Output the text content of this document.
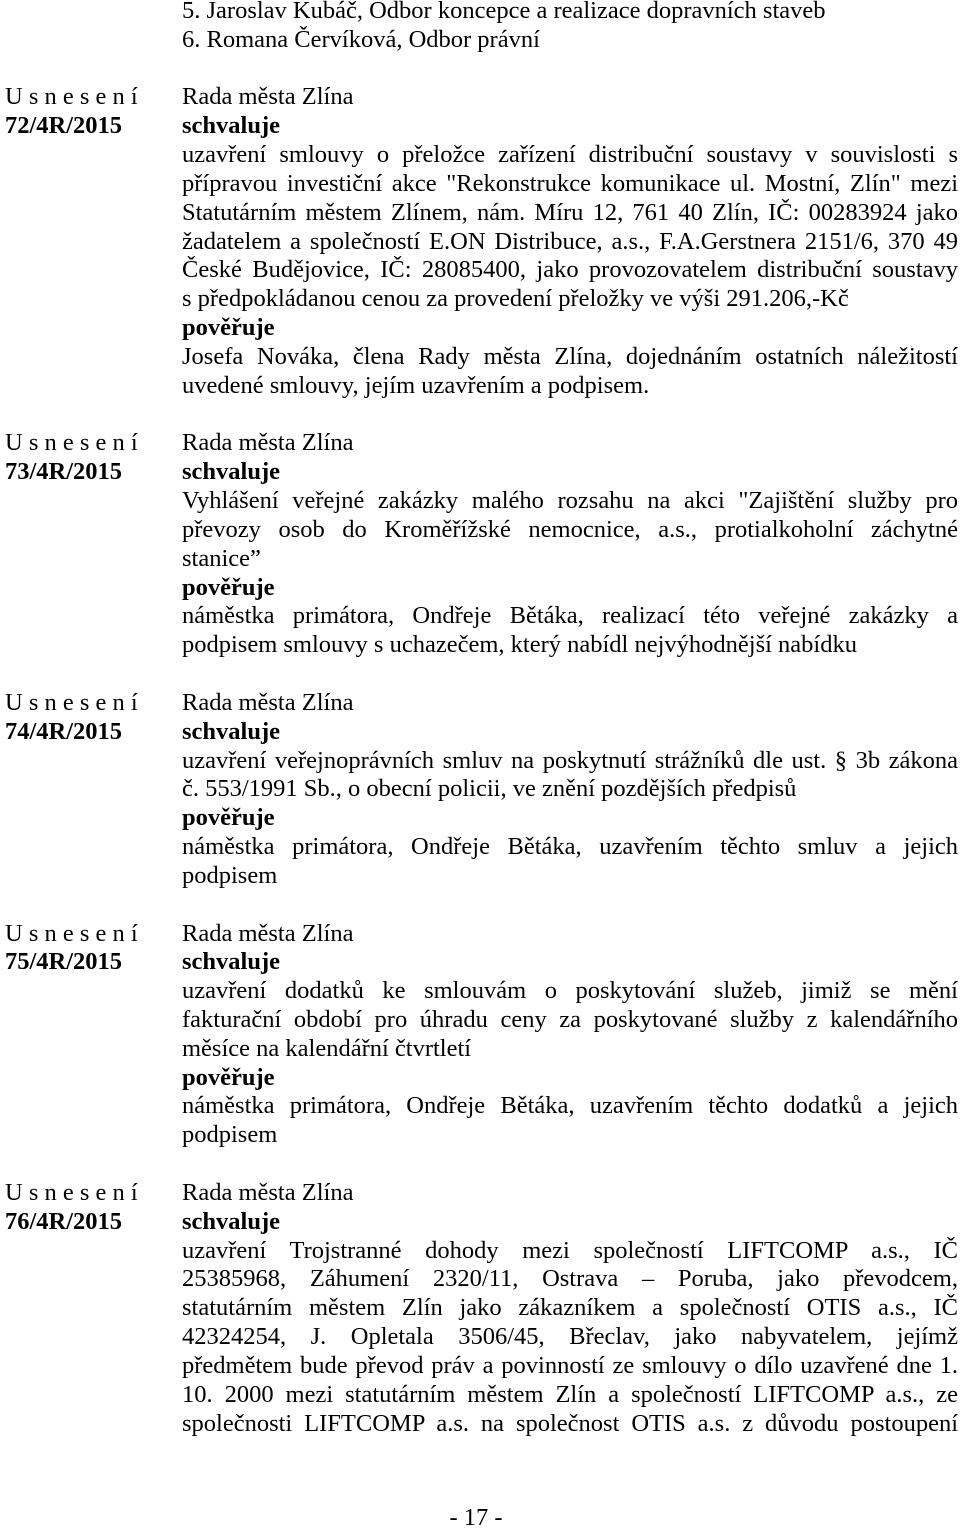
5. Jaroslav Kubáč, Odbor koncepce a realizace dopravních staveb
6. Romana Červíková, Odbor právní
U s n e s e n í
72/4R/2015
Rada města Zlína
schvaluje
uzavření smlouvy o přeložce zařízení distribuční soustavy v souvislosti s
přípravou investiční akce "Rekonstrukce komunikace ul. Mostní, Zlín" mezi
Statutárním městem Zlínem, nám. Míru 12, 761 40 Zlín, IČ: 00283924 jako
žadatelem a společností E.ON Distribuce, a.s., F.A.Gerstnera 2151/6, 370 49
České Budějovice, IČ: 28085400, jako provozovatelem distribuční soustavy
s předpokládanou cenou za provedení přeložky ve výši 291.206,-Kč
pověřuje
Josefa Nováka, člena Rady města Zlína, dojednáním ostatních náležitostí
uvedené smlouvy, jejím uzavřením a podpisem.
U s n e s e n í
73/4R/2015
Rada města Zlína
schvaluje
Vyhlášení veřejné zakázky malého rozsahu na akci "Zajištění služby pro
převozy osob do Kroměřížské nemocnice, a.s., protialkoholní záchytné
stanice”
pověřuje
náměstka primátora, Ondřeje Bětáka, realizací této veřejné zakázky a
podpisem smlouvy s uchazečem, který nabídl nejvýhodnější nabídku
U s n e s e n í
74/4R/2015
Rada města Zlína
schvaluje
uzavření veřejnoprávních smluv na poskytnutí strážníků dle ust. § 3b zákona
č. 553/1991 Sb., o obecní policii, ve znění pozdějších předpisů
pověřuje
náměstka primátora, Ondřeje Bětáka, uzavřením těchto smluv a jejich
podpisem
U s n e s e n í
75/4R/2015
Rada města Zlína
schvaluje
uzavření dodatků ke smlouvám o poskytování služeb, jimiž se mění
fakturační období pro úhradu ceny za poskytované služby z kalendářního
měsíce na kalendářní čtvrtletí
pověřuje
náměstka primátora, Ondřeje Bětáka, uzavřením těchto dodatků a jejich
podpisem
U s n e s e n í
76/4R/2015
Rada města Zlína
schvaluje
uzavření Trojstranné dohody mezi společností LIFTCOMP a.s., IČ
25385968, Záhumení 2320/11, Ostrava – Poruba, jako převodcem,
statutárním městem Zlín jako zákazníkem a společností OTIS a.s., IČ
42324254, J. Opletala 3506/45, Břeclav, jako nabyvatelem, jejímž
předmětem bude převod práv a povinností ze smlouvy o dílo uzavřené dne 1.
10. 2000 mezi statutárním městem Zlín a společností LIFTCOMP a.s., ze
společnosti LIFTCOMP a.s. na společnost OTIS a.s. z důvodu postoupení
- 17 -
